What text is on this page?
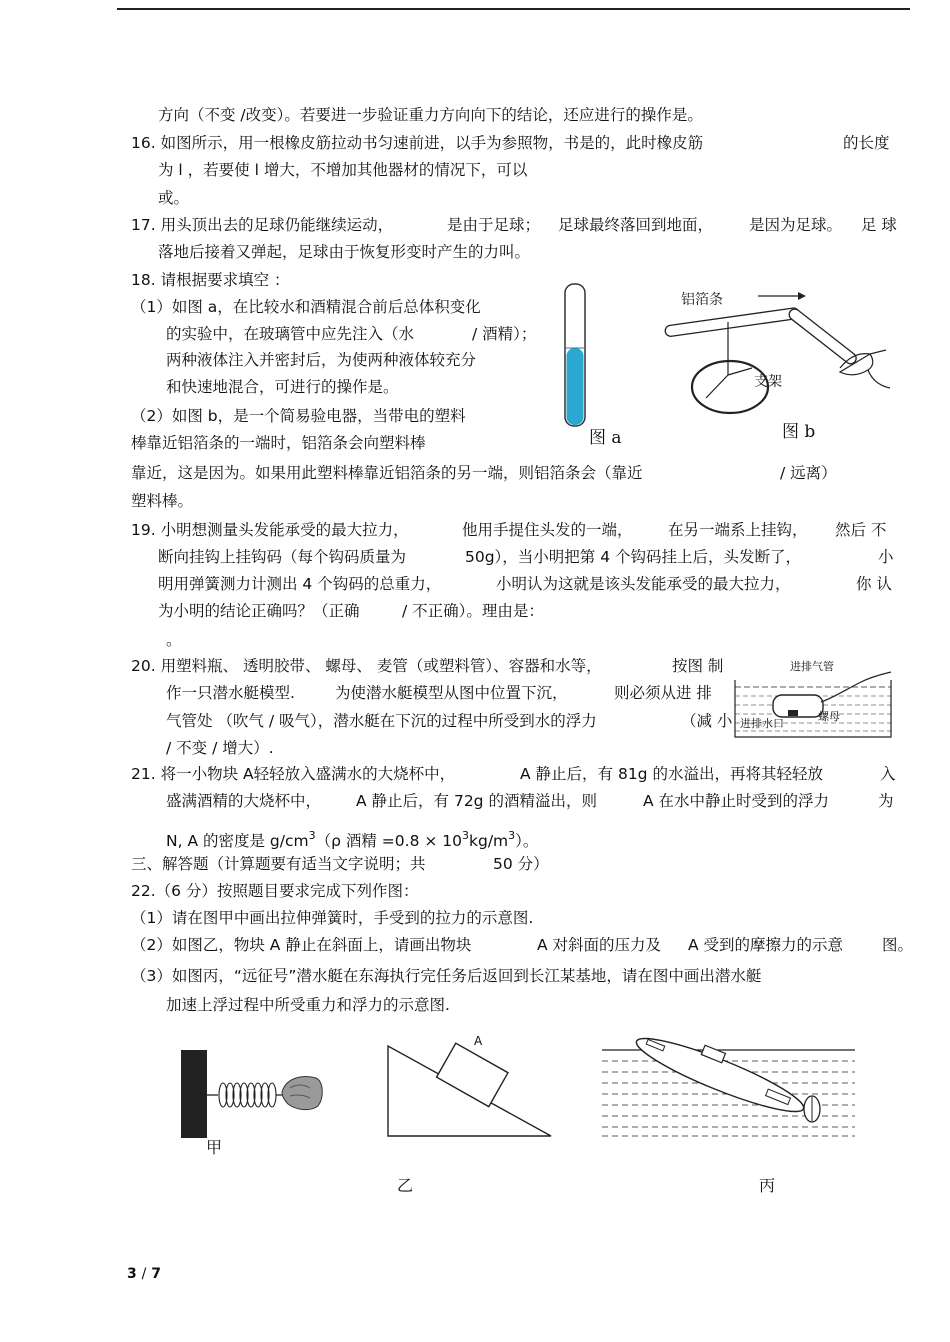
方向（不变 /改变）。若要进一步验证重力方向向下的结论，还应进行的操作是。
16. 如图所示，用一根橡皮筋拉动书匀速前进，以手为参照物，书是的，此时橡皮筋	的长度
为 l ，若要使 l 增大，不增加其他器材的情况下，可以
或。
17. 用头顶出去的足球仍能继续运动，	是由于足球； 足球最终落回到地面， 是因为足球。 足 球
落地后接着又弹起，足球由于恢复形变时产生的力叫。
18. 请根据要求填空 ：
（1）如图 a，在比较水和酒精混合前后总体积变化
的实验中，在玻璃管中应先注入（水	/ 酒精）；
两种液体注入并密封后，为使两种液体较充分
和快速地混合，可进行的操作是。
（2）如图 b，是一个简易验电器，当带电的塑料
棒靠近铝箔条的一端时，铝箔条会向塑料棒
靠近，这是因为。如果用此塑料棒靠近铝箔条的另一端，则铝箔条会（靠近	/ 远离）
塑料棒。
图 a
铝箔条
支架
图 b
19. 小明想测量头发能承受的最大拉力，	他用手提住头发的一端， 在另一端系上挂钩， 然后 不
断向挂钩上挂钩码（每个钩码质量为	50g），当小明把第 4 个钩码挂上后，头发断了，	小
明用弹簧测力计测出 4 个钩码的总重力，	小明认为这就是该头发能承受的最大拉力，	你 认
为小明的结论正确吗？（正确	/ 不正确）。理由是：
。
20. 用塑料瓶、 透明胶带、 螺母、 麦管（或塑料管）、容器和水等，	按图 制
作一只潜水艇模型.	为使潜水艇模型从图中位置下沉，	则必须从进 排
气管处 （吹气 / 吸气），潜水艇在下沉的过程中所受到水的浮力	（减 小
/ 不变 / 增大）.
进排气管
进排水口
螺母
21. 将一小物块 A轻轻放入盛满水的大烧杯中，	A 静止后，有 81g 的水溢出，再将其轻轻放	入
盛满酒精的大烧杯中， A 静止后，有 72g 的酒精溢出，则	A 在水中静止时受到的浮力	为
N, A 的密度是 $g/cm^3(\rho$ 酒精 $=0.8 \times 10^3kg/m^3$）。
三、解答题（计算题要有适当文字说明；共	50 分）
22.（6 分）按照题目要求完成下列作图：
（1）请在图甲中画出拉伸弹簧时，手受到的拉力的示意图.
（2）如图乙，物块 A 静止在斜面上，请画出物块	A 对斜面的压力及 A 受到的摩擦力的示意	图。
（3）如图丙，“远征号”潜水艇在东海执行完任务后返回到长江某基地，请在图中画出潜水艇
加速上浮过程中所受重力和浮力的示意图.
甲
A
乙	丙
3 / 7
